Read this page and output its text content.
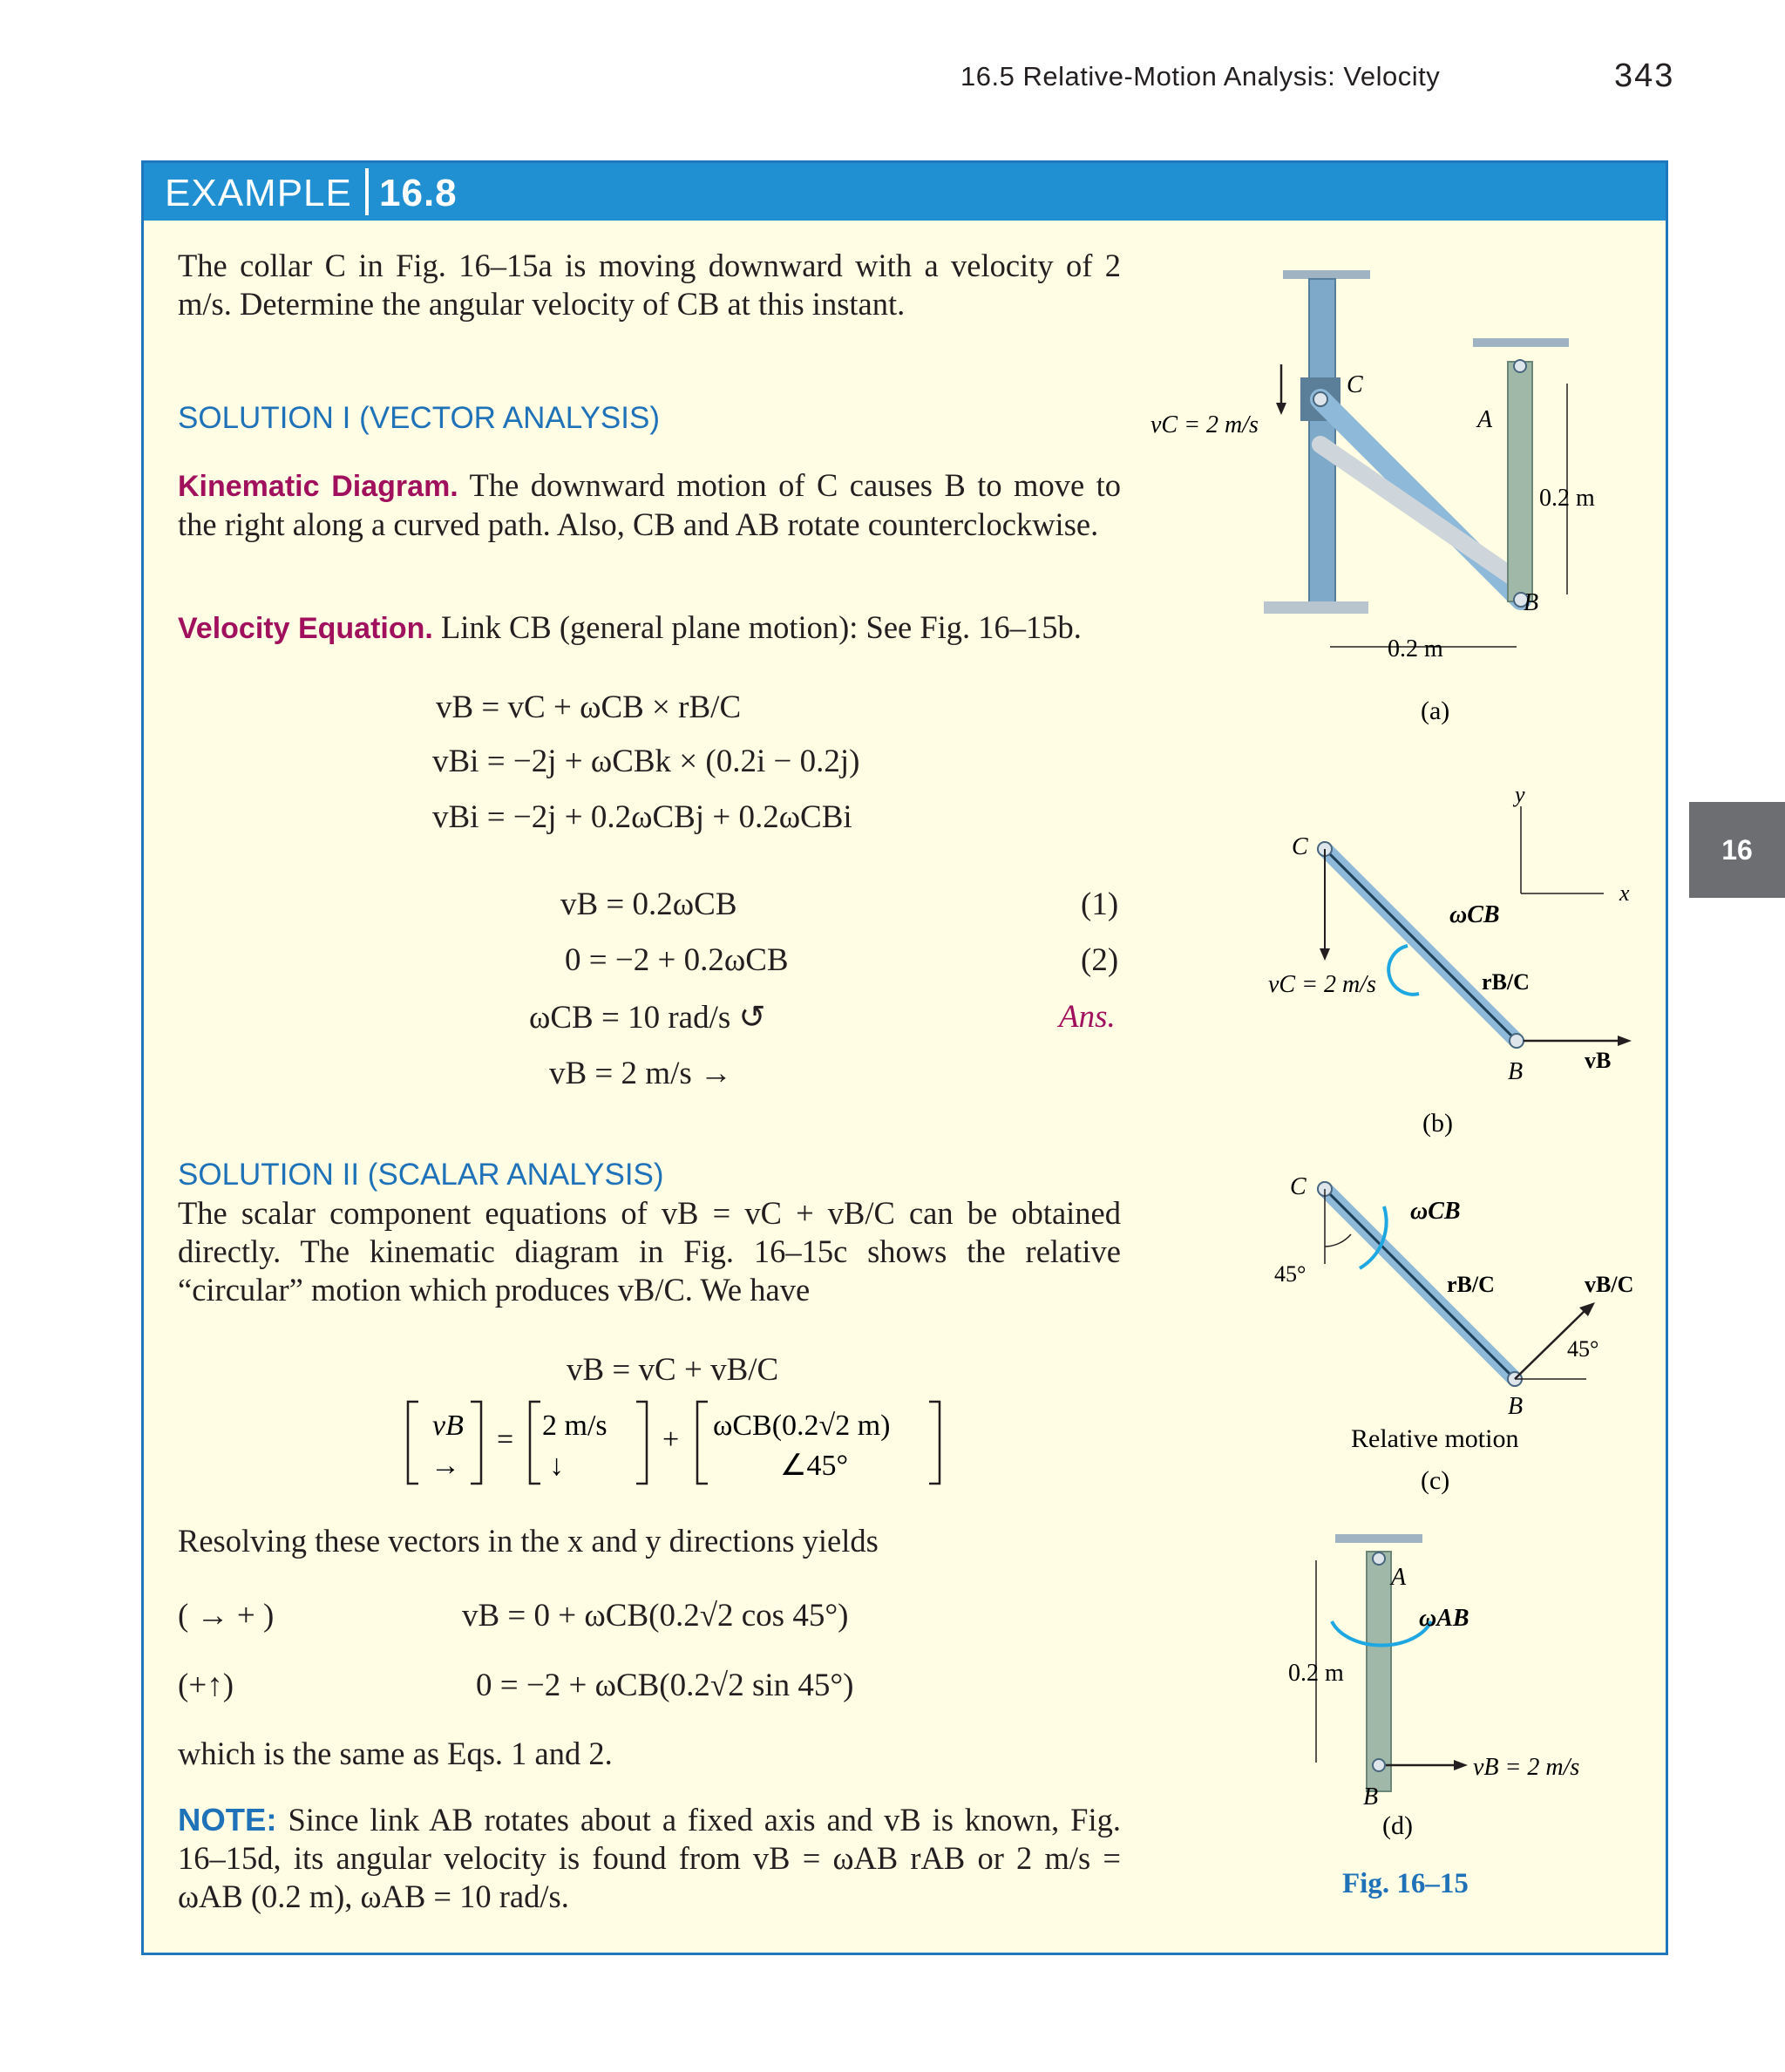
16.5 Relative-Motion Analysis: Velocity	343
16
EXAMPLE 16.8
The collar C in Fig. 16–15a is moving downward with a velocity of 2 m/s. Determine the angular velocity of CB at this instant.
SOLUTION I (VECTOR ANALYSIS)
Kinematic Diagram. The downward motion of C causes B to move to the right along a curved path. Also, CB and AB rotate counterclockwise.
Velocity Equation. Link CB (general plane motion): See Fig. 16–15b.
vB = vC + ωCB × rB/C
vBi = −2j + ωCBk × (0.2i − 0.2j)
vBi = −2j + 0.2ωCBj + 0.2ωCBi
vB = 0.2ωCB	(1)
0 = −2 + 0.2ωCB	(2)
ωCB = 10 rad/s ↺	Ans.
vB = 2 m/s →
SOLUTION II (SCALAR ANALYSIS)
The scalar component equations of vB = vC + vB/C can be obtained directly. The kinematic diagram in Fig. 16–15c shows the relative “circular” motion which produces vB/C. We have
vB = vC + vB/C
vB
→
= 2 m/s
↓
+ ωCB(0.2√2 m)
∠45°
Resolving these vectors in the x and y directions yields
( → + )	vB = 0 + ωCB(0.2√2 cos 45°)
(+↑)	0 = −2 + ωCB(0.2√2 sin 45°)
which is the same as Eqs. 1 and 2.
NOTE: Since link AB rotates about a fixed axis and vB is known, Fig. 16–15d, its angular velocity is found from vB = ωAB rAB or 2 m/s = ωAB (0.2 m), ωAB = 10 rad/s.
vC = 2 m/s
C
A
B
0.2 m
0.2 m
(a)
C
B
vC = 2 m/s
ωCB
rB/C
vB
x
y
(b)
C
B
45°
ωCB
rB/C	vB/C
45°
Relative motion
(c)
A
B
ωAB
0.2 m
vB = 2 m/s
(d)
Fig. 16–15
